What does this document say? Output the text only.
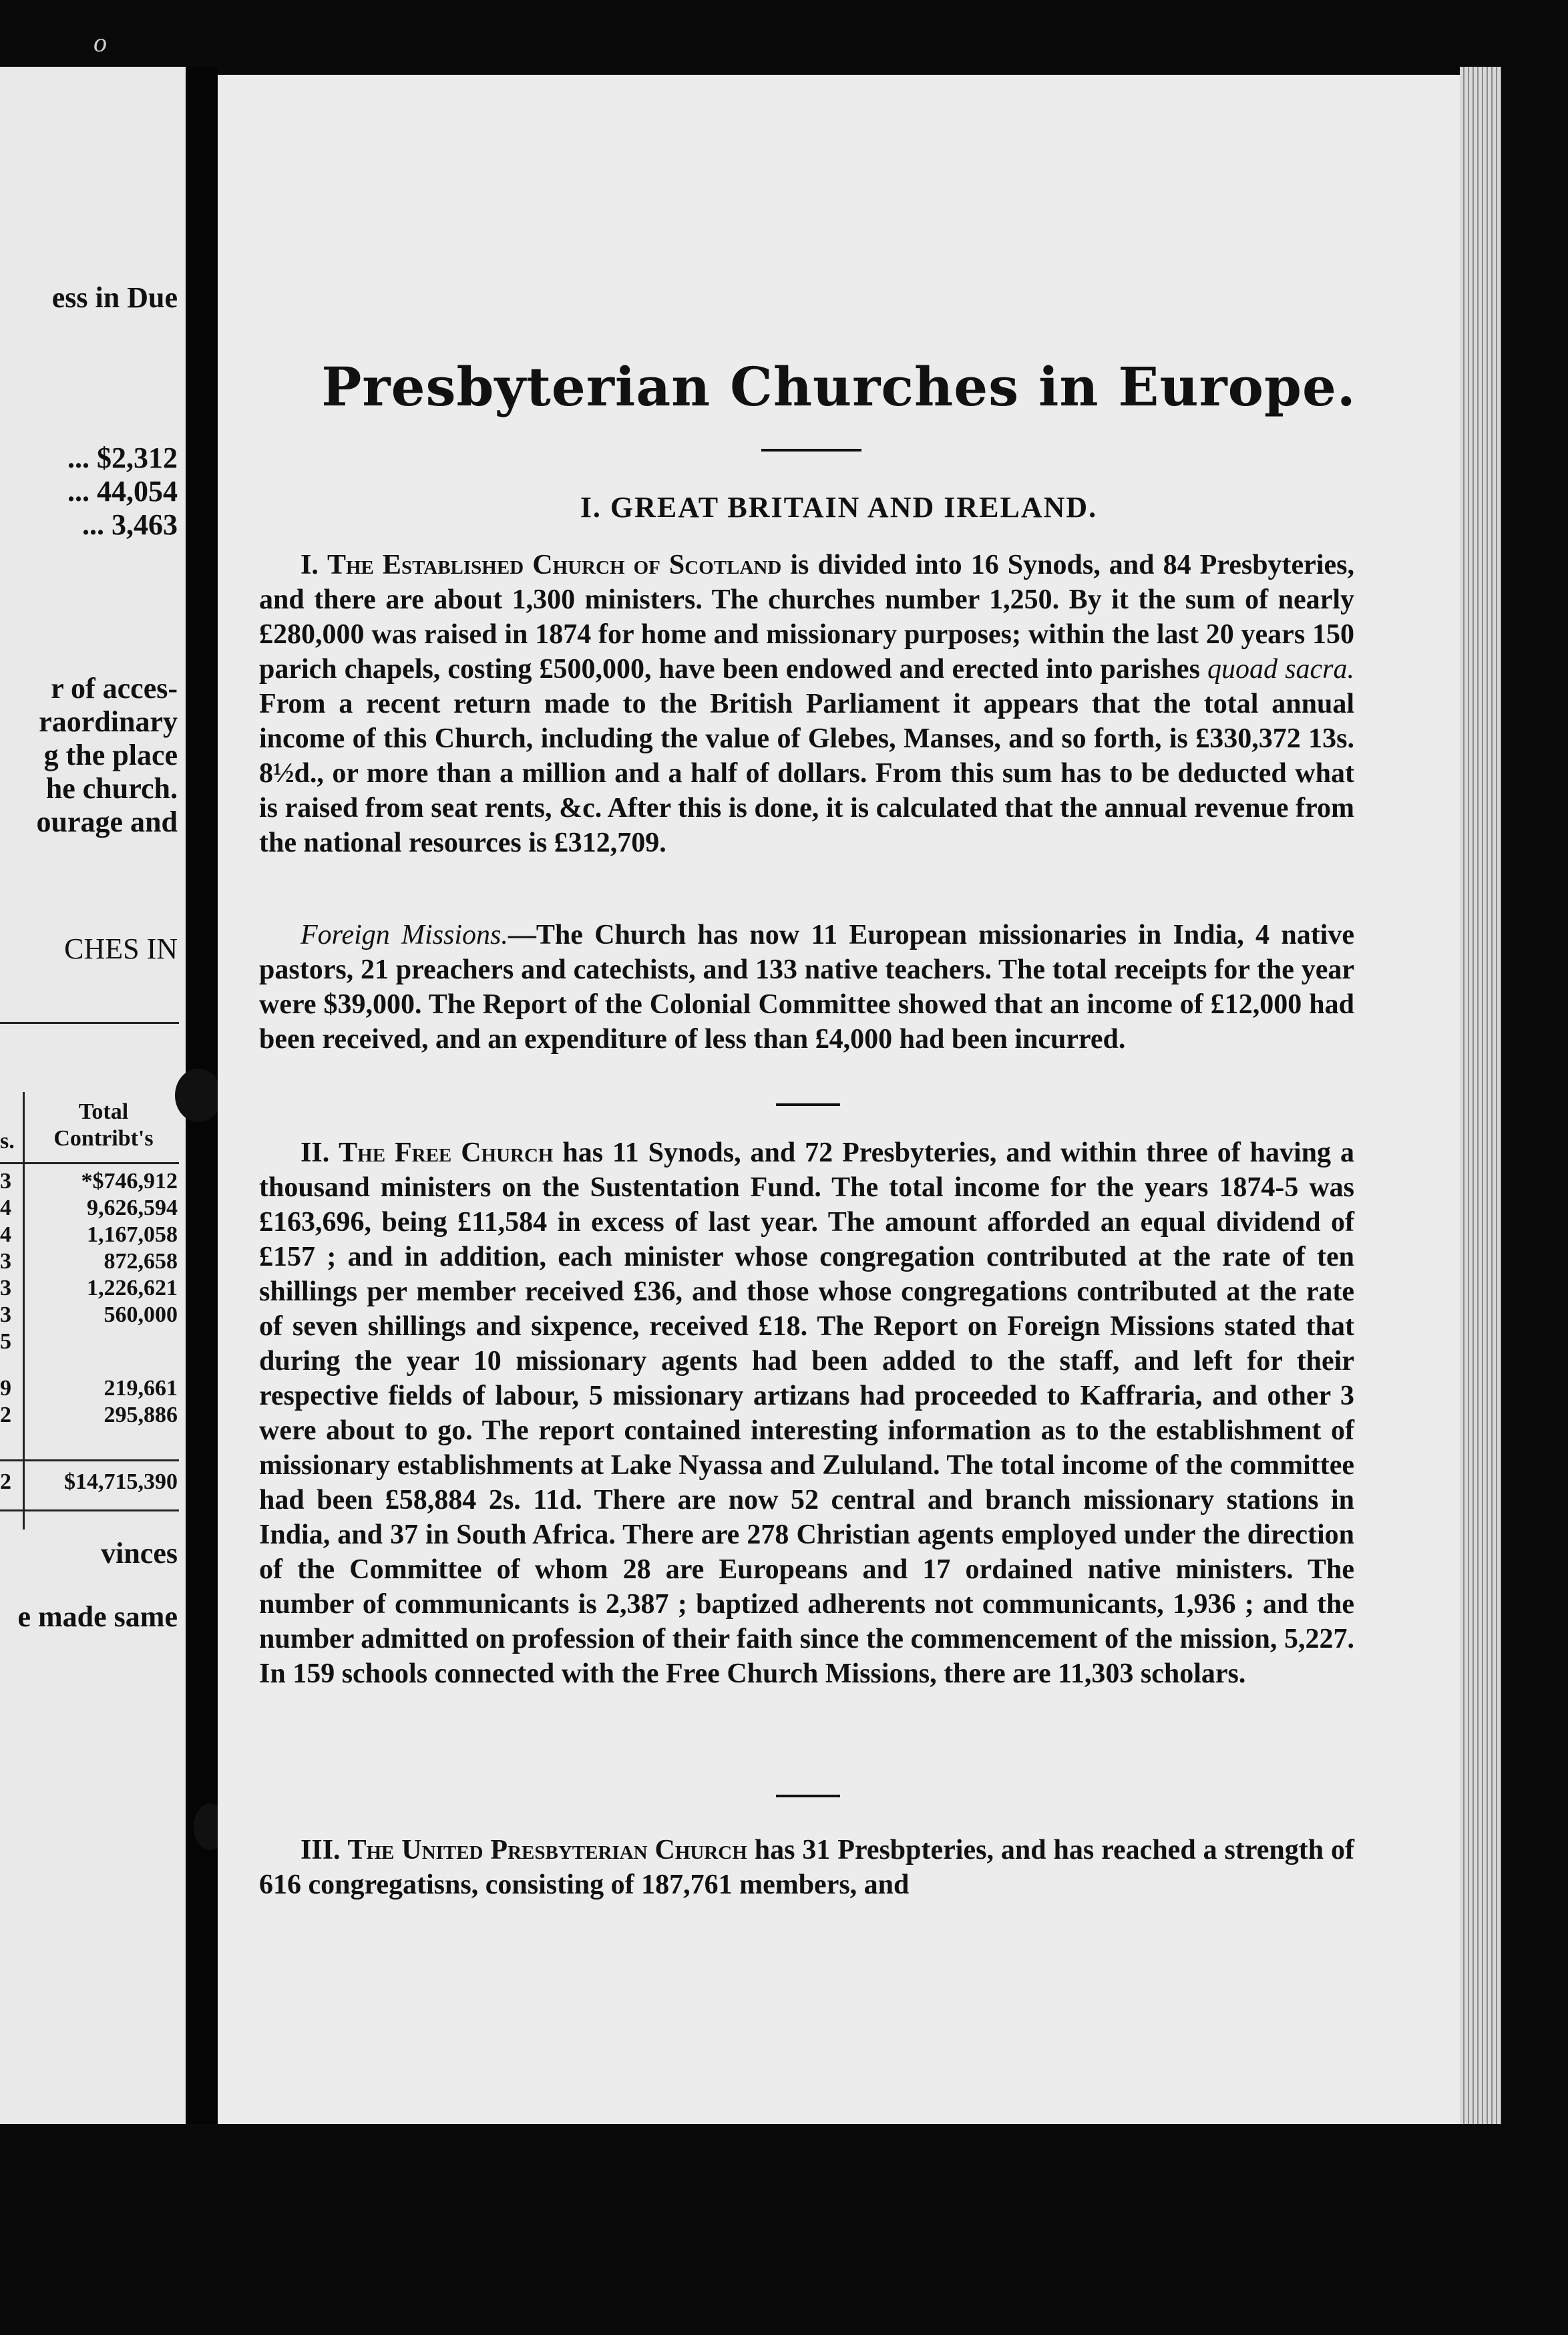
o
ess in Due
... $2,312
... 44,054
... 3,463
r of acces-
raordinary
g the place
he church.
ourage and
CHES IN
Total
Contribt's
s.
3
4
4
3
3
3
5
9
2
*$746,912
9,626,594
1,167,058
872,658
1,226,621
560,000
219,661
295,886
2 $14,715,390
vinces
e made same
Presbyterian Churches in Europe.
I. GREAT BRITAIN AND IRELAND.

I. The Established Church of Scotland is divided into 16 Synods, and 84 Presbyteries, and there are about 1,300 ministers. The churches number 1,250. By it the sum of nearly £280,000 was raised in 1874 for home and missionary purposes; within the last 20 years 150 parich chapels, costing £500,000, have been endowed and erected into parishes quoad sacra. From a recent return made to the British Parliament it appears that the total annual income of this Church, including the value of Glebes, Manses, and so forth, is £330,372 13s. 8½d., or more than a million and a half of dollars. From this sum has to be deducted what is raised from seat rents, &c. After this is done, it is calculated that the annual revenue from the national resources is £312,709.

Foreign Missions.—The Church has now 11 European missionaries in India, 4 native pastors, 21 preachers and catechists, and 133 native teachers. The total receipts for the year were $39,000. The Report of the Colonial Committee showed that an income of £12,000 had been received, and an expenditure of less than £4,000 had been incurred.

II. The Free Church has 11 Synods, and 72 Presbyteries, and within three of having a thousand ministers on the Sustentation Fund. The total income for the years 1874-5 was £163,696, being £11,584 in excess of last year. The amount afforded an equal dividend of £157 ; and in addition, each minister whose congregation contributed at the rate of ten shillings per member received £36, and those whose congregations contributed at the rate of seven shillings and sixpence, received £18. The Report on Foreign Missions stated that during the year 10 missionary agents had been added to the staff, and left for their respective fields of labour, 5 missionary artizans had proceeded to Kaffraria, and other 3 were about to go. The report contained interesting information as to the establishment of missionary establishments at Lake Nyassa and Zululand. The total income of the committee had been £58,884 2s. 11d. There are now 52 central and branch missionary stations in India, and 37 in South Africa. There are 278 Christian agents employed under the direction of the Committee of whom 28 are Europeans and 17 ordained native ministers. The number of communicants is 2,387 ; baptized adherents not communicants, 1,936 ; and the number admitted on profession of their faith since the commencement of the mission, 5,227. In 159 schools connected with the Free Church Missions, there are 11,303 scholars.

III. The United Presbyterian Church has 31 Presbpteries, and has reached a strength of 616 congregatisns, consisting of 187,761 members, and
